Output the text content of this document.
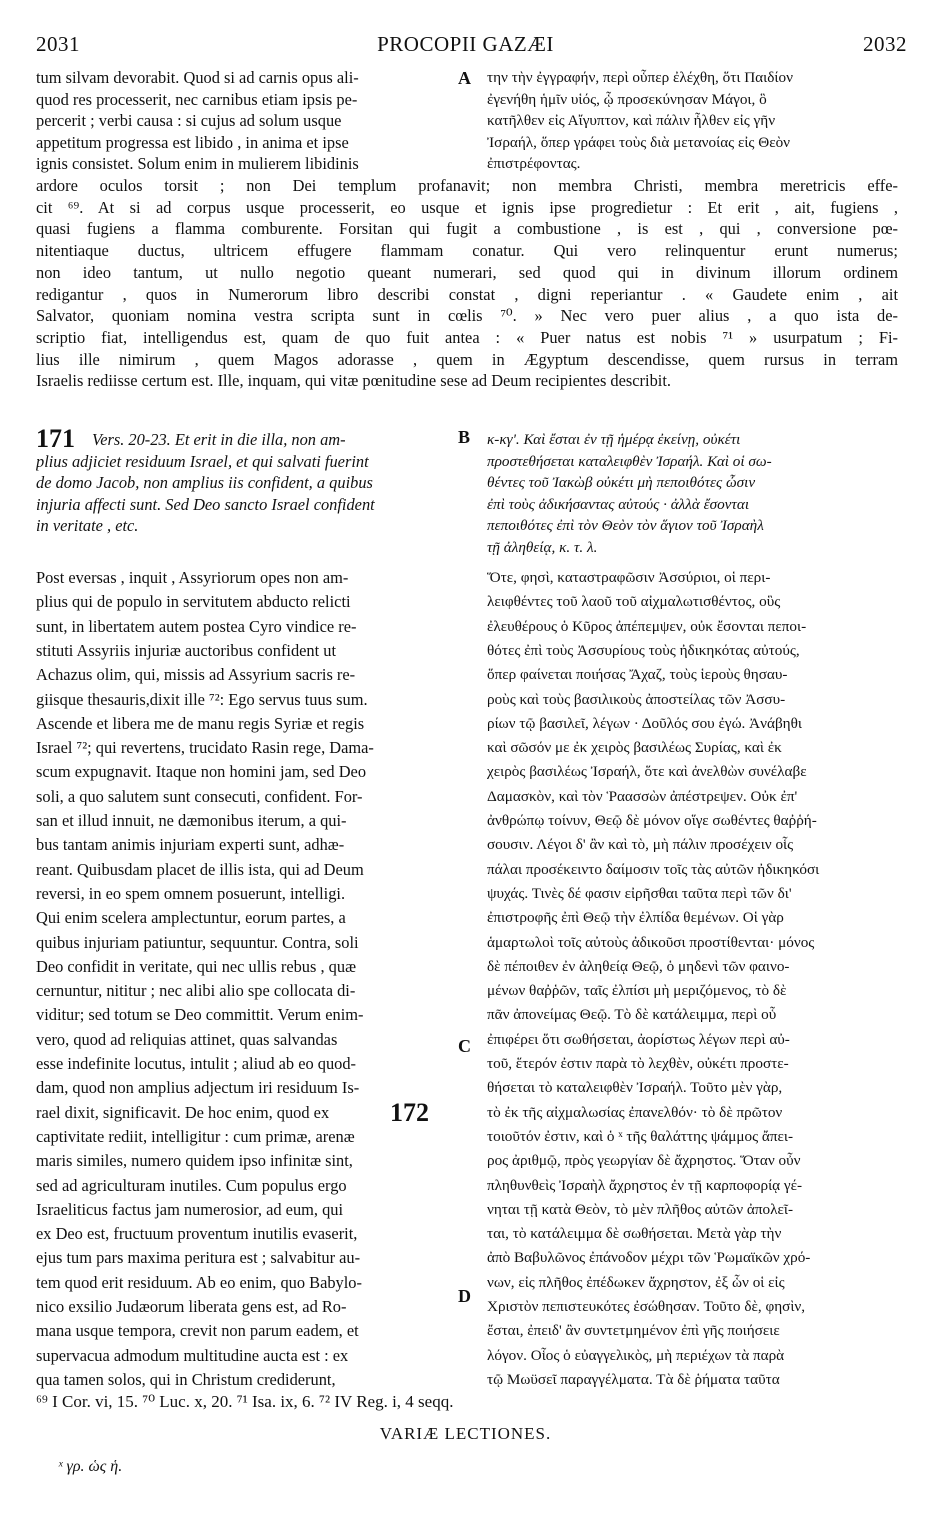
2031	PROCOPII GAZÆI	2032
tum silvam devorabit. Quod si ad carnis opus ali-
quod res processerit, nec carnibus etiam ipsis pe-
percerit ; verbi causa : si cujus ad solum usque
appetitum progressa est libido , in anima et ipse
ignis consistet. Solum enim in mulierem libidinis
την τὴν ἐγγραφήν, περὶ οὗπερ ἐλέχθη, ὅτι Παιδίον
ἐγενήθη ἡμῖν υἱός, ᾧ προσεκύνησαν Μάγοι, ὃ
κατῆλθεν εἰς Αἴγυπτον, καὶ πάλιν ἦλθεν εἰς γῆν
Ἰσραήλ, ὅπερ γράφει τοὺς διὰ μετανοίας εἰς Θεὸν
ἐπιστρέφοντας.
ardore oculos torsit ; non Dei templum profanavit; non membra Christi, membra meretricis effe-
cit ⁶⁹. At si ad corpus usque processerit, eo usque et ignis ipse progredietur : Et erit , ait, fugiens ,
quasi fugiens a flamma comburente. Forsitan qui fugit a combustione , is est , qui , conversione pœ-
nitentiaque ductus, ultricem effugere flammam conatur. Qui vero relinquentur erunt numerus;
non ideo tantum, ut nullo negotio queant numerari, sed quod qui in divinum illorum ordinem
redigantur , quos in Numerorum libro describi constat , digni reperiantur . « Gaudete enim , ait
Salvator, quoniam nomina vestra scripta sunt in cœlis ⁷⁰. » Nec vero puer alius , a quo ista de-
scriptio fiat, intelligendus est, quam de quo fuit antea : « Puer natus est nobis ⁷¹ » usurpatum ; Fi-
lius ille nimirum , quem Magos adorasse , quem in Ægyptum descendisse, quem rursus in terram
Israelis rediisse certum est. Ille, inquam, qui vitæ pœnitudine sese ad Deum recipientes describit.
Vers. 20-23. Et erit in die illa, non am-
plius adjiciet residuum Israel, et qui salvati fuerint
de domo Jacob, non amplius iis confident, a quibus
injuria affecti sunt. Sed Deo sancto Israel confident
in veritate , etc.
κ-κγ'. Καὶ ἔσται ἐν τῇ ἡμέρᾳ ἐκείνῃ, οὐκέτι
προστεθήσεται καταλειφθὲν Ἰσραήλ. Καὶ οἱ σω-
θέντες τοῦ Ἰακὼβ οὐκέτι μὴ πεποιθότες ὦσιν
ἐπὶ τοὺς ἀδικήσαντας αὐτούς · ἀλλὰ ἔσονται
πεποιθότες ἐπὶ τὸν Θεὸν τὸν ἅγιον τοῦ Ἰσραὴλ
τῇ ἀληθείᾳ, κ. τ. λ.
Post eversas , inquit , Assyriorum opes non am-
plius qui de populo in servitutem abducto relicti
sunt, in libertatem autem postea Cyro vindice re-
stituti Assyriis injuriæ auctoribus confident ut
Achazus olim, qui, missis ad Assyrium sacris re-
giisque thesauris,dixit ille ⁷²: Ego servus tuus sum.
Ascende et libera me de manu regis Syriæ et regis
Israel ⁷²; qui revertens, trucidato Rasin rege, Dama-
scum expugnavit. Itaque non homini jam, sed Deo
soli, a quo salutem sunt consecuti, confident. For-
san et illud innuit, ne dæmonibus iterum, a qui-
bus tantam animis injuriam experti sunt, adhæ-
reant. Quibusdam placet de illis ista, qui ad Deum
reversi, in eo spem omnem posuerunt, intelligi.
Qui enim scelera amplectuntur, eorum partes, a
quibus injuriam patiuntur, sequuntur. Contra, soli
Deo confidit in veritate, qui nec ullis rebus , quæ
cernuntur, nititur ; nec alibi alio spe collocata di-
viditur; sed totum se Deo committit. Verum enim-
vero, quod ad reliquias attinet, quas salvandas
esse indefinite locutus, intulit ; aliud ab eo quod-
dam, quod non amplius adjectum iri residuum Is-
rael dixit, significavit. De hoc enim, quod ex
captivitate rediit, intelligitur : cum primæ, arenæ
maris similes, numero quidem ipso infinitæ sint,
sed ad agriculturam inutiles. Cum populus ergo
Israeliticus factus jam numerosior, ad eum, qui
ex Deo est, fructuum proventum inutilis evaserit,
ejus tum pars maxima peritura est ; salvabitur au-
tem quod erit residuum. Ab eo enim, quo Babylo-
nico exsilio Judæorum liberata gens est, ad Ro-
mana usque tempora, crevit non parum eadem, et
supervacua admodum multitudine aucta est : ex
qua tamen solos, qui in Christum crediderunt,
Ὅτε, φησὶ, καταστραφῶσιν Ἀσσύριοι, οἱ περι-
λειφθέντες τοῦ λαοῦ τοῦ αἰχμαλωτισθέντος, οὓς
ἐλευθέρους ὁ Κῦρος ἀπέπεμψεν, οὐκ ἔσονται πεποι-
θότες ἐπὶ τοὺς Ἀσσυρίους τοὺς ἠδικηκότας αὐτούς,
ὅπερ φαίνεται ποιήσας Ἄχαζ, τοὺς ἱεροὺς θησαυ-
ροὺς καὶ τοὺς βασιλικοὺς ἀποστείλας τῶν Ἀσσυ-
ρίων τῷ βασιλεῖ, λέγων · Δοῦλός σου ἐγώ. Ἀνάβηθι
καὶ σῶσόν με ἐκ χειρὸς βασιλέως Συρίας, καὶ ἐκ
χειρὸς βασιλέως Ἰσραήλ, ὅτε καὶ ἀνελθὼν συνέλαβε
Δαμασκὸν, καὶ τὸν Ῥαασσὼν ἀπέστρεψεν. Οὐκ ἐπ'
ἀνθρώπῳ τοίνυν, Θεῷ δὲ μόνον οἵγε σωθέντες θαῤῥή-
σουσιν. Λέγοι δ' ἂν καὶ τὸ, μὴ πάλιν προσέχειν οἷς
πάλαι προσέκειντο δαίμοσιν τοῖς τὰς αὐτῶν ἠδικηκόσι
ψυχάς. Τινὲς δέ φασιν εἰρῆσθαι ταῦτα περὶ τῶν δι'
ἐπιστροφῆς ἐπὶ Θεῷ τὴν ἐλπίδα θεμένων. Οἱ γὰρ
ἁμαρτωλοὶ τοῖς αὐτοὺς ἀδικοῦσι προστίθενται· μόνος
δὲ πέποιθεν ἐν ἀληθείᾳ Θεῷ, ὁ μηδενὶ τῶν φαινο-
μένων θαῤῥῶν, ταῖς ἐλπίσι μὴ μεριζόμενος, τὸ δὲ
πᾶν ἀπονείμας Θεῷ. Τὸ δὲ κατάλειμμα, περὶ οὗ
ἐπιφέρει ὅτι σωθήσεται, ἀορίστως λέγων περὶ αὐ-
τοῦ, ἕτερόν ἐστιν παρὰ τὸ λεχθὲν, οὐκέτι προστε-
θήσεται τὸ καταλειφθὲν Ἰσραήλ. Τοῦτο μὲν γὰρ,
τὸ ἐκ τῆς αἰχμαλωσίας ἐπανελθόν· τὸ δὲ πρῶτον
τοιοῦτόν ἐστιν, καὶ ὁ ˣ τῆς θαλάττης ψάμμος ἄπει-
ρος ἀριθμῷ, πρὸς γεωργίαν δὲ ἄχρηστος. Ὅταν οὖν
πληθυνθεὶς Ἰσραὴλ ἄχρηστος ἐν τῇ καρποφορίᾳ γέ-
νηται τῇ κατὰ Θεὸν, τὸ μὲν πλῆθος αὐτῶν ἀπολεῖ-
ται, τὸ κατάλειμμα δὲ σωθήσεται. Μετὰ γὰρ τὴν
ἀπὸ Βαβυλῶνος ἐπάνοδον μέχρι τῶν Ῥωμαϊκῶν χρό-
νων, εἰς πλῆθος ἐπέδωκεν ἄχρηστον, ἐξ ὧν οἱ εἰς
Χριστὸν πεπιστευκότες ἐσώθησαν. Τοῦτο δὲ, φησὶν,
ἔσται, ἐπειδ' ἂν συντετμημένον ἐπὶ γῆς ποιήσειε
λόγον. Οἷος ὁ εὐαγγελικὸς, μὴ περιέχων τὰ παρὰ
τῷ Μωϋσεῖ παραγγέλματα. Τὰ δὲ ῥήματα ταῦτα
171
172
A
B
C
D
⁶⁹ I Cor. vi, 15. ⁷⁰ Luc. x, 20. ⁷¹ Isa. ix, 6. ⁷² IV Reg. i, 4 seqq.
VARIÆ LECTIONES.
ˣ γρ. ὡς ἡ.
